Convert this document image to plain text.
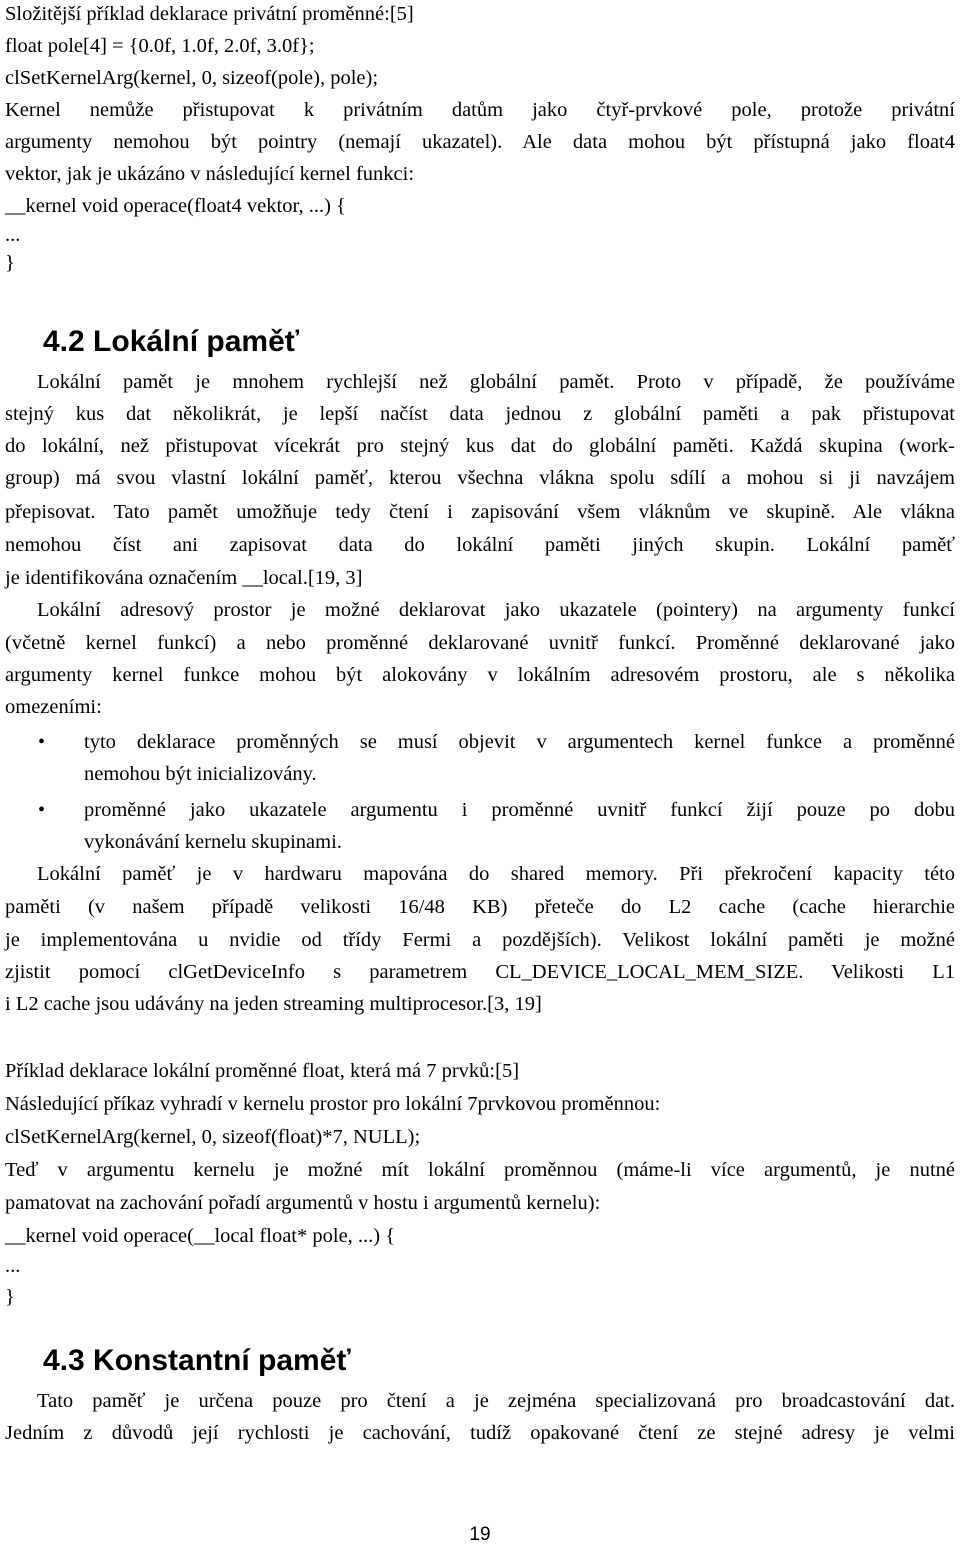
Složitější příklad deklarace privátní proměnné:[5]
float pole[4] = {0.0f, 1.0f, 2.0f, 3.0f};
clSetKernelArg(kernel, 0, sizeof(pole), pole);
Kernel nemůže přistupovat k privátním datům jako čtyř-prvkové pole, protože privátní
argumenty nemohou být pointry (nemají ukazatel). Ale data mohou být přístupná jako float4
vektor, jak je ukázáno v následující kernel funkci:
__kernel void operace(float4 vektor, ...) {
...
}
4.2 Lokální paměť
Lokální pamět je mnohem rychlejší než globální pamět. Proto v případě, že používáme
stejný kus dat několikrát, je lepší načíst data jednou z globální paměti a pak přistupovat
do lokální, než přistupovat vícekrát pro stejný kus dat do globální paměti. Každá skupina (work-
group) má svou vlastní lokální paměť, kterou všechna vlákna spolu sdílí a mohou si ji navzájem
přepisovat. Tato pamět umožňuje tedy čtení i zapisování všem vláknům ve skupině. Ale vlákna
nemohou číst ani zapisovat data do lokální paměti jiných skupin. Lokální paměť
je identifikována označením __local.[19, 3]
Lokální adresový prostor je možné deklarovat jako ukazatele (pointery) na argumenty funkcí
(včetně kernel funkcí) a nebo proměnné deklarované uvnitř funkcí. Proměnné deklarované jako
argumenty kernel funkce mohou být alokovány v lokálním adresovém prostoru, ale s několika
omezeními:
• tyto deklarace proměnných se musí objevit v argumentech kernel funkce a proměnné
nemohou být inicializovány.
• proměnné jako ukazatele argumentu i proměnné uvnitř funkcí žijí pouze po dobu
vykonávání kernelu skupinami.
Lokální paměť je v hardwaru mapována do shared memory. Při překročení kapacity této
paměti (v našem případě velikosti 16/48 KB) přeteče do L2 cache (cache hierarchie
je implementována u nvidie od třídy Fermi a pozdějších). Velikost lokální paměti je možné
zjistit pomocí clGetDeviceInfo s parametrem CL_DEVICE_LOCAL_MEM_SIZE. Velikosti L1
i L2 cache jsou udávány na jeden streaming multiprocesor.[3, 19]
Příklad deklarace lokální proměnné float, která má 7 prvků:[5]
Následující příkaz vyhradí v kernelu prostor pro lokální 7prvkovou proměnnou:
clSetKernelArg(kernel, 0, sizeof(float)*7, NULL);
Teď v argumentu kernelu je možné mít lokální proměnnou (máme-li více argumentů, je nutné
pamatovat na zachování pořadí argumentů v hostu i argumentů kernelu):
__kernel void operace(__local float* pole, ...) {
...
}
4.3 Konstantní paměť
Tato paměť je určena pouze pro čtení a je zejména specializovaná pro broadcastování dat.
Jedním z důvodů její rychlosti je cachování, tudíž opakované čtení ze stejné adresy je velmi
19
